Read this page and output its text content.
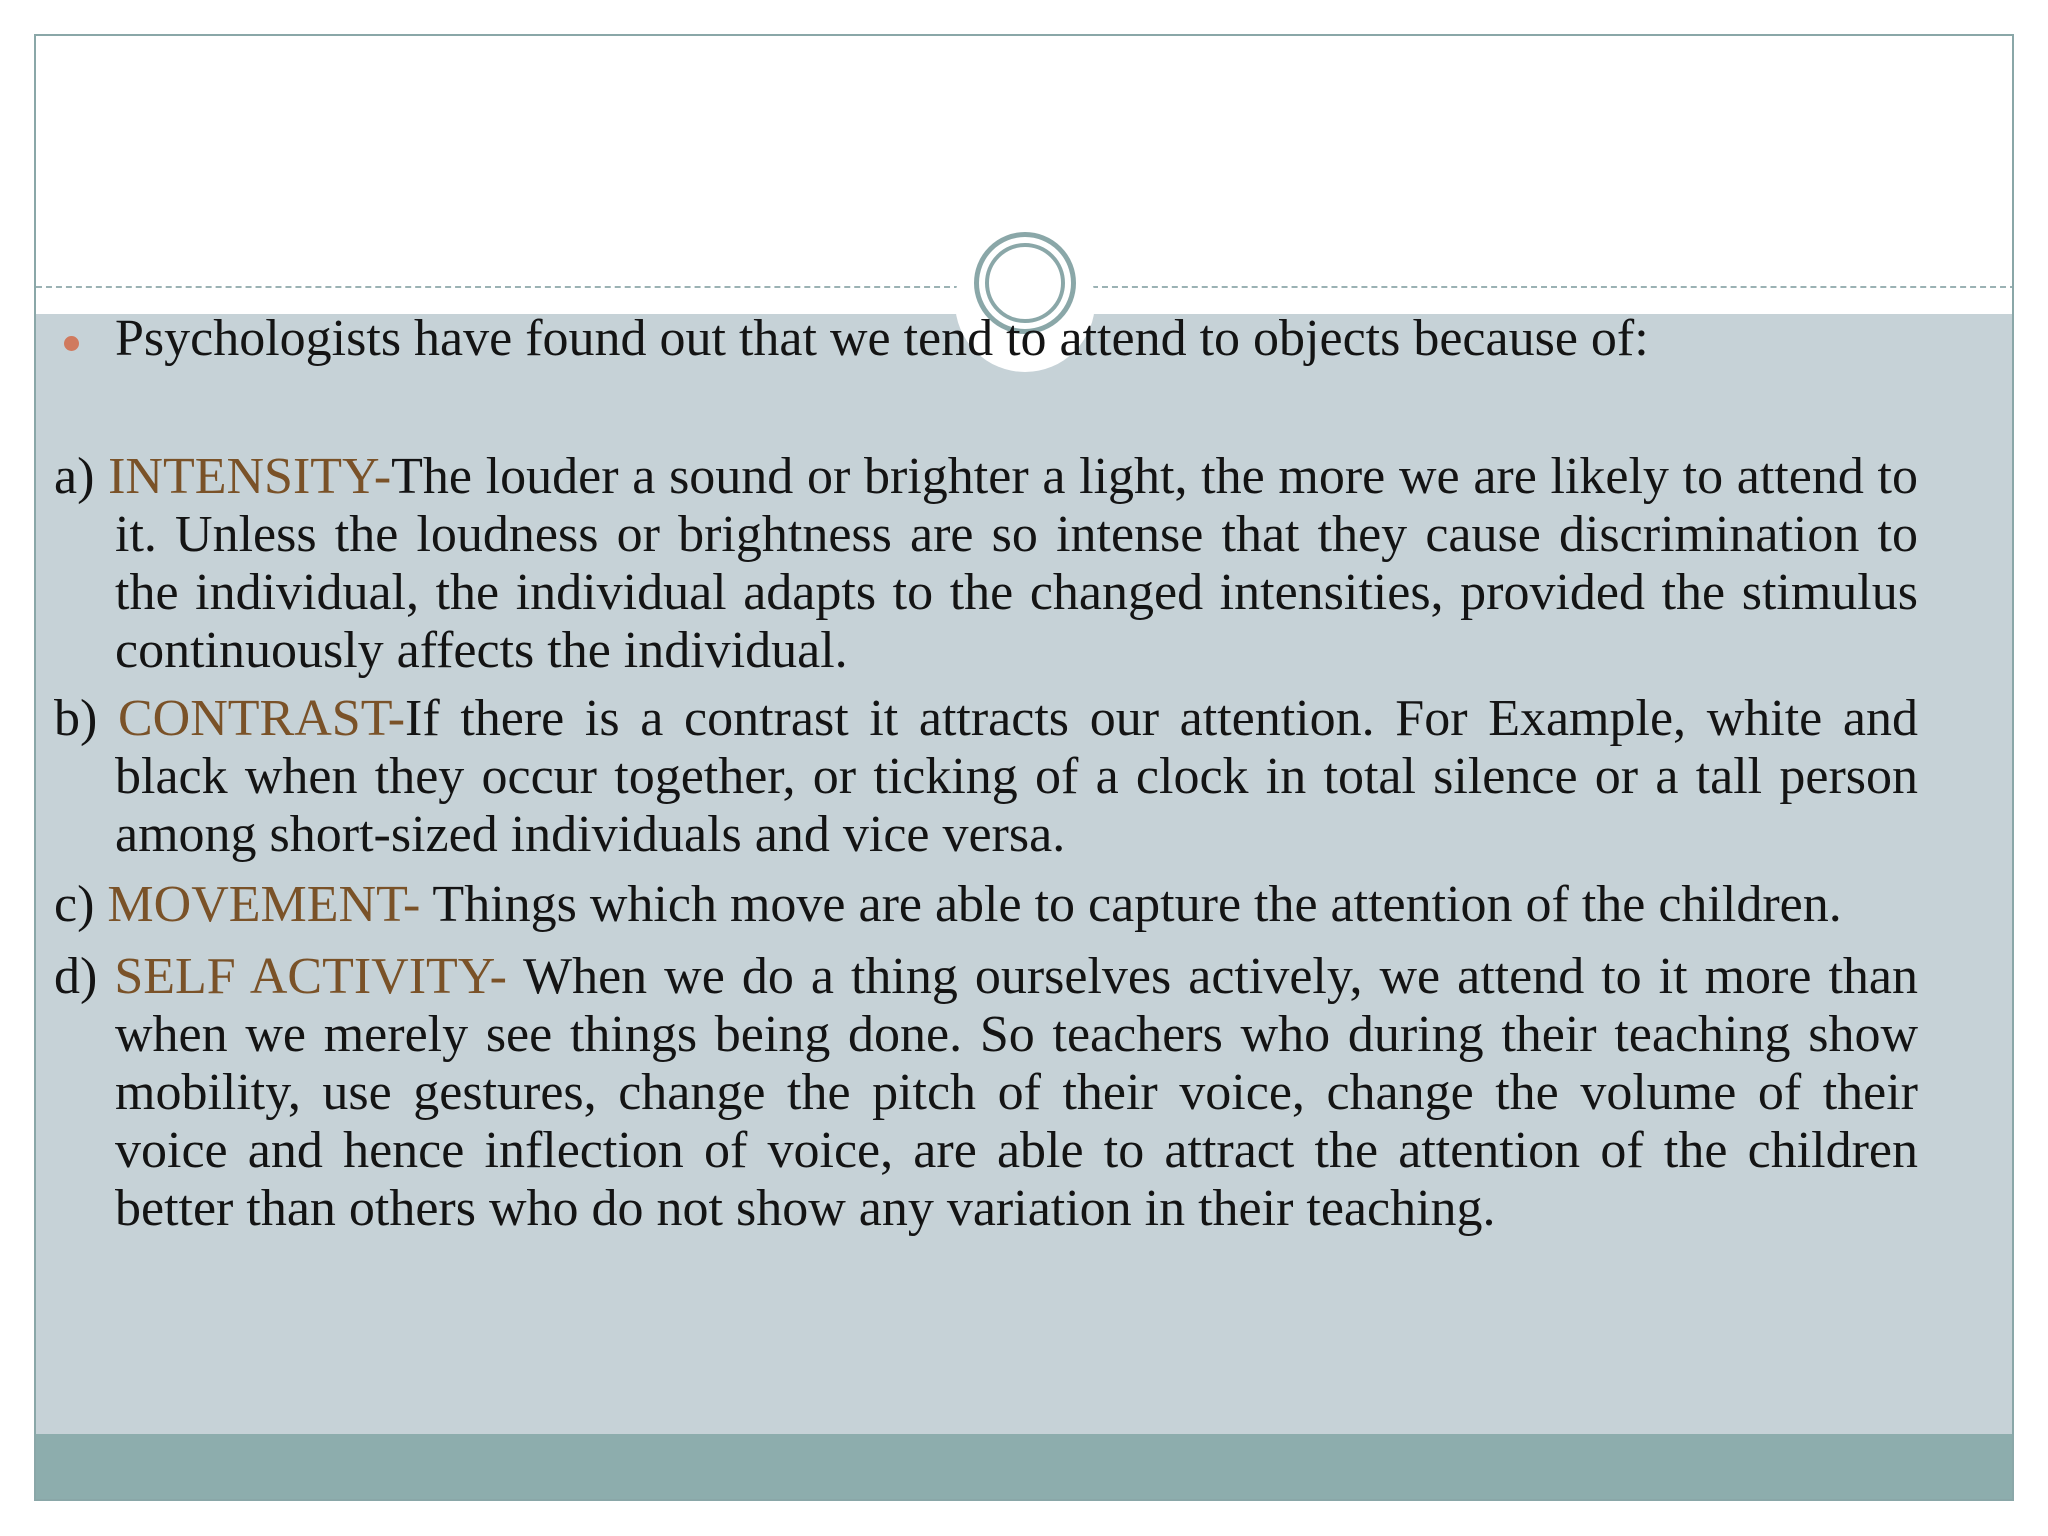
Psychologists have found out that we tend to attend to objects because of:

a) INTENSITY-The louder a sound or brighter a light, the more we are likely to attend to it. Unless the loudness or brightness are so intense that they cause discrimination to the individual, the individual adapts to the changed intensities, provided the stimulus continuously affects the individual.

b) CONTRAST-If there is a contrast it attracts our attention. For Example, white and black when they occur together, or ticking of a clock in total silence or a tall person among short-sized individuals and vice versa.

c) MOVEMENT- Things which move are able to capture the attention of the children.

d) SELF ACTIVITY- When we do a thing ourselves actively, we attend to it more than when we merely see things being done. So teachers who during their teaching show mobility, use gestures, change the pitch of their voice, change the volume of their voice and hence inflection of voice, are able to attract the attention of the children better than others who do not show any variation in their teaching.
